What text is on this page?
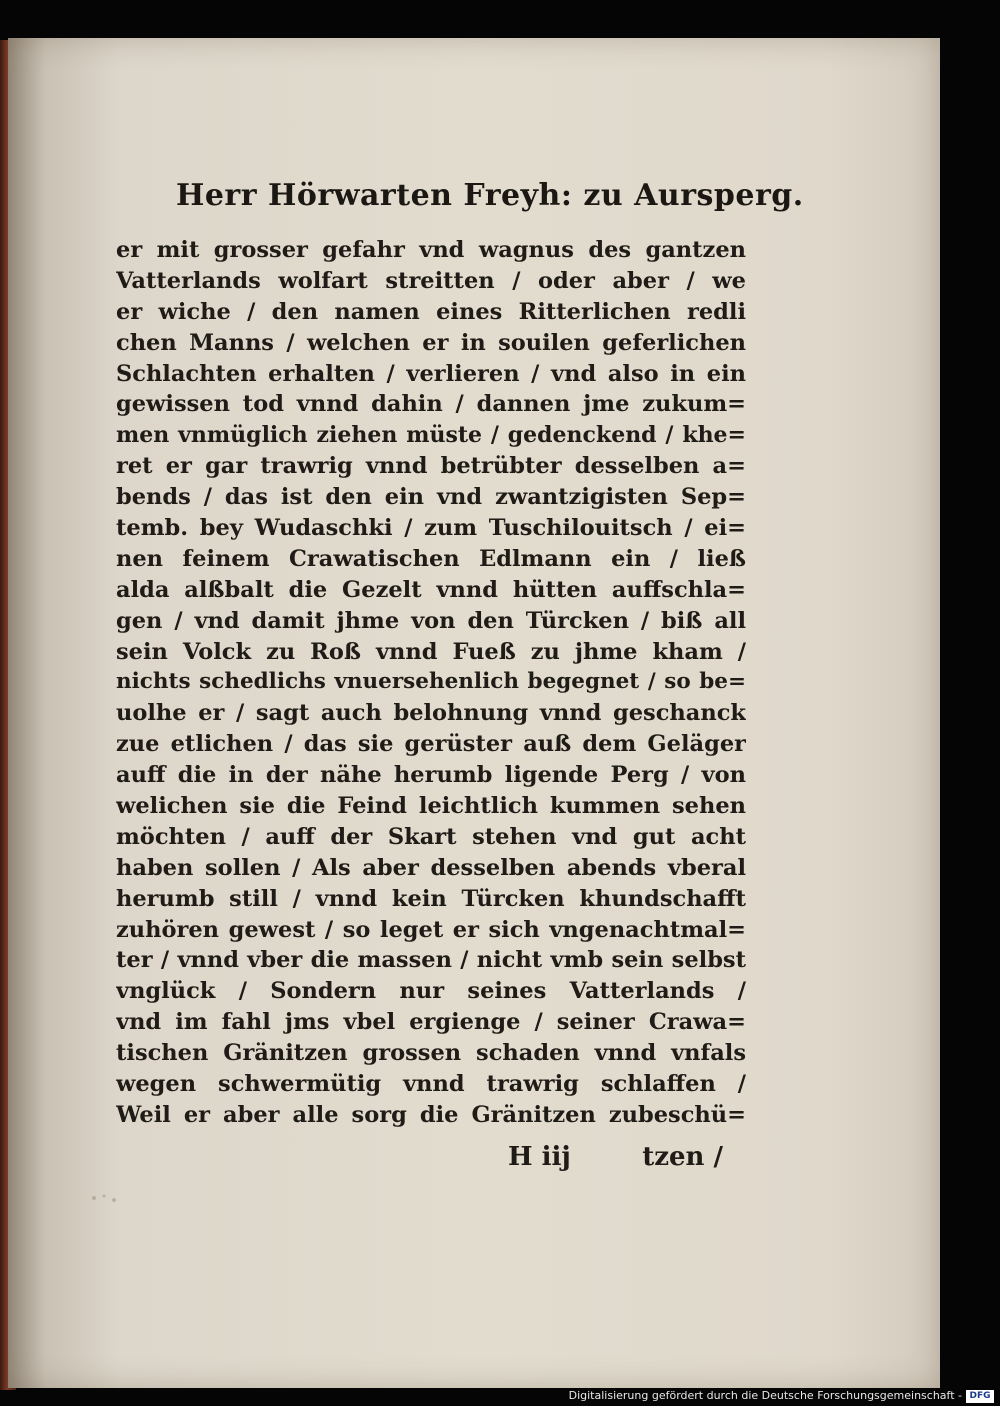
Herr Hörwarten Freyh: zu Aursperg.
er mit grosser gefahr vnd wagnus des gantzen
Vatterlands wolfart streitten / oder aber / we
er wiche / den namen eines Ritterlichen redli
chen Manns / welchen er in souilen geferlichen
Schlachten erhalten / verlieren / vnd also in ein
gewissen tod vnnd dahin / dannen jme zukum=
men vnmüglich ziehen müste / gedenckend / khe=
ret er gar trawrig vnnd betrübter desselben a=
bends / das ist den ein vnd zwantzigisten Sep=
temb. bey Wudaschki / zum Tuschilouitsch / ei=
nen feinem Crawatischen Edlmann ein / ließ
alda alßbalt die Gezelt vnnd hütten auffschla=
gen / vnd damit jhme von den Türcken / biß all
sein Volck zu Roß vnnd Fueß zu jhme kham /
nichts schedlichs vnuersehenlich begegnet / so be=
uolhe er / sagt auch belohnung vnnd geschanck
zue etlichen / das sie gerüster auß dem Geläger
auff die in der nähe herumb ligende Perg / von
welichen sie die Feind leichtlich kummen sehen
möchten / auff der Skart stehen vnd gut acht
haben sollen / Als aber desselben abends vberal
herumb still / vnnd kein Türcken khundschafft
zuhören gewest / so leget er sich vngenachtmal=
ter / vnnd vber die massen / nicht vmb sein selbst
vnglück / Sondern nur seines Vatterlands /
vnd im fahl jms vbel ergienge / seiner Crawa=
tischen Gränitzen grossen schaden vnnd vnfals
wegen schwermütig vnnd trawrig schlaffen /
Weil er aber alle sorg die Gränitzen zubeschü=
H iij	tzen /
Digitalisierung gefördert durch die Deutsche Forschungsgemeinschaft - DFG
